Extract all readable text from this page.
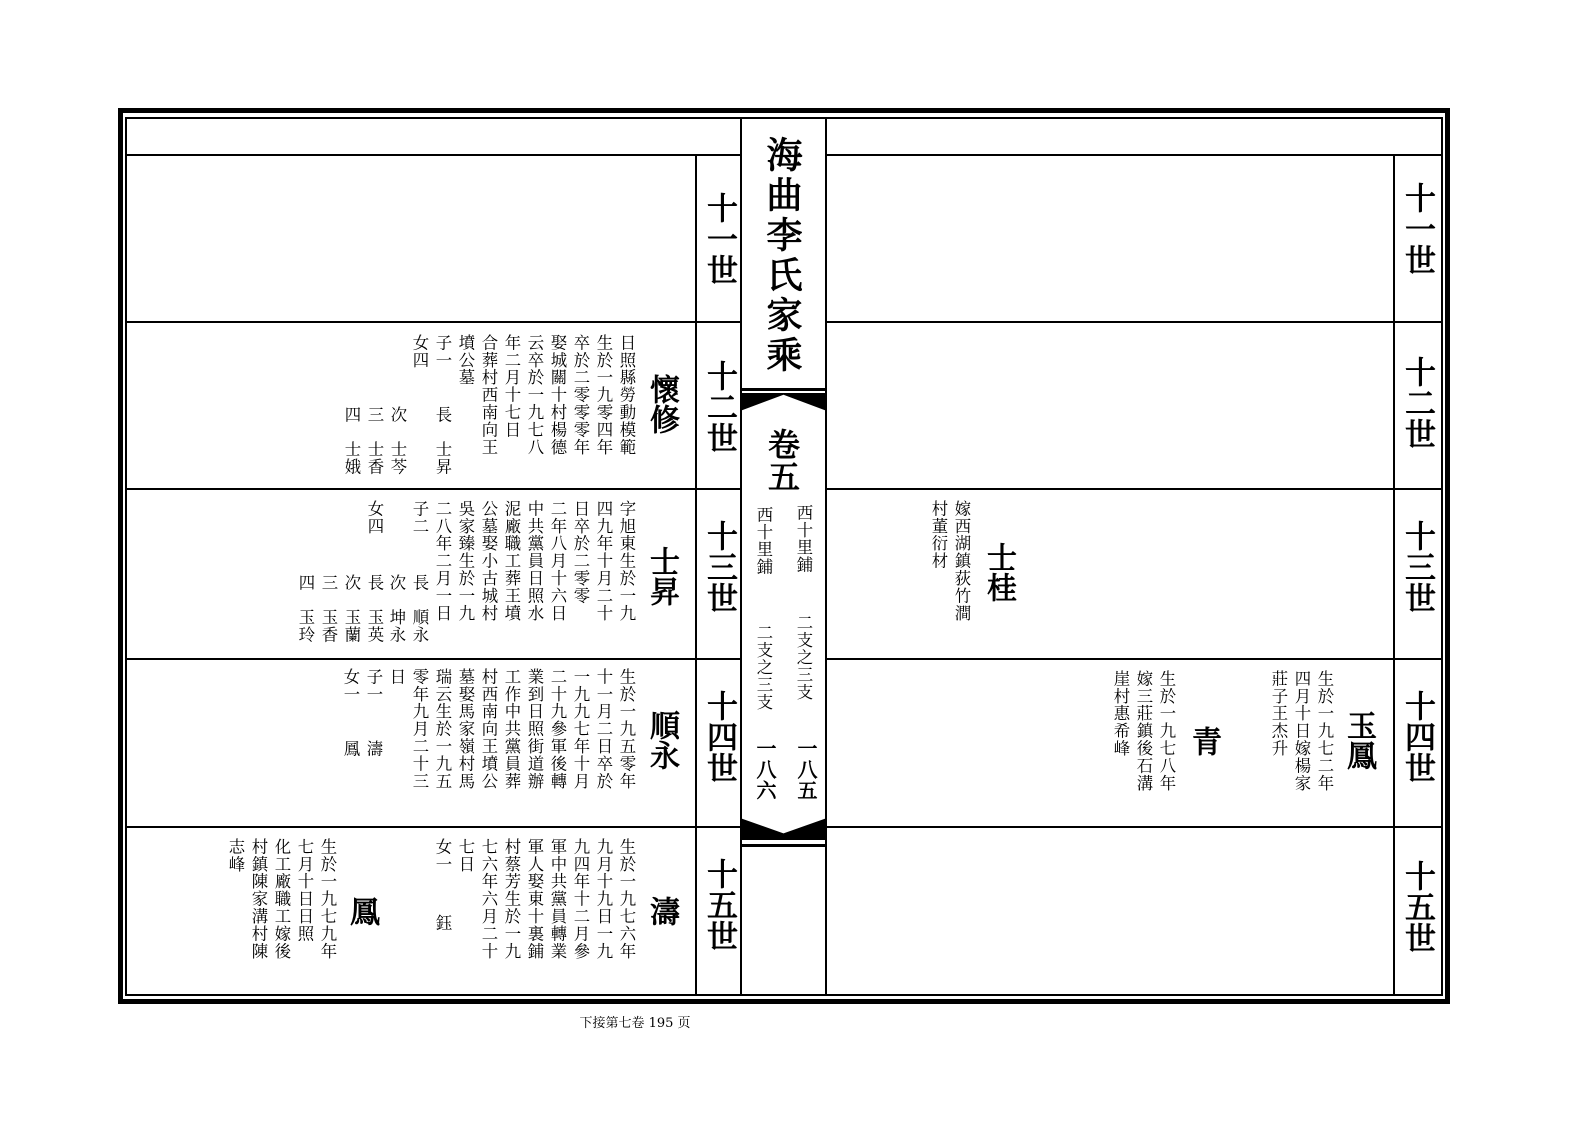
海曲李氏家乘
卷五
西十里鋪
二支之三支
一八五
西十里鋪
二支之三支
一八六
十一世
十二世
十三世
十四世
十五世
十一世
十二世
十三世
十四世
十五世
懷修
日照縣勞動模範
生於一九零四年
卒於二零零零年
娶城關十村楊德
云卒於一九七八
年二月十七日
合葬村西南向王
墳公墓
子一
女四
長　士昇
次　士芩
三　士香
四　士娥
士昇
字旭東生於一九
四九年十月二十
日卒於二零零
二年八月十六日
中共黨員日照水
泥廠職工葬王墳
公墓娶小古城村
吳家臻生於一九
二八年二月一日
子二
女四
長　順永
次　坤永
長　玉英
次　玉蘭
三　玉香
四　玉玲
順永
生於一九五零年
十一月二日卒於
一九九七年十月
二十九參軍後轉
業到日照街道辦
工作中共黨員葬
村西南向王墳公
墓娶馬家嶺村馬
瑞云生於一九五
零年九月二十三
日
子一
女一
濤
鳳
濤
生於一九七六年
九月十九日一九
九四年十二月參
軍中共黨員轉業
軍人娶東十裏鋪
村蔡芳生於一九
七六年六月二十
七日
女一
鈺
鳳
生於一九七九年
七月十日日照
化工廠職工嫁後
村鎮陳家溝村陳
志峰
士桂
嫁西湖鎮荻竹澗
村董衍材
玉鳳
生於一九七二年
四月十日嫁楊家
莊子王杰升
青
生於一九七八年
嫁三莊鎮後石溝
崖村惠希峰
下接第七卷 195 页
